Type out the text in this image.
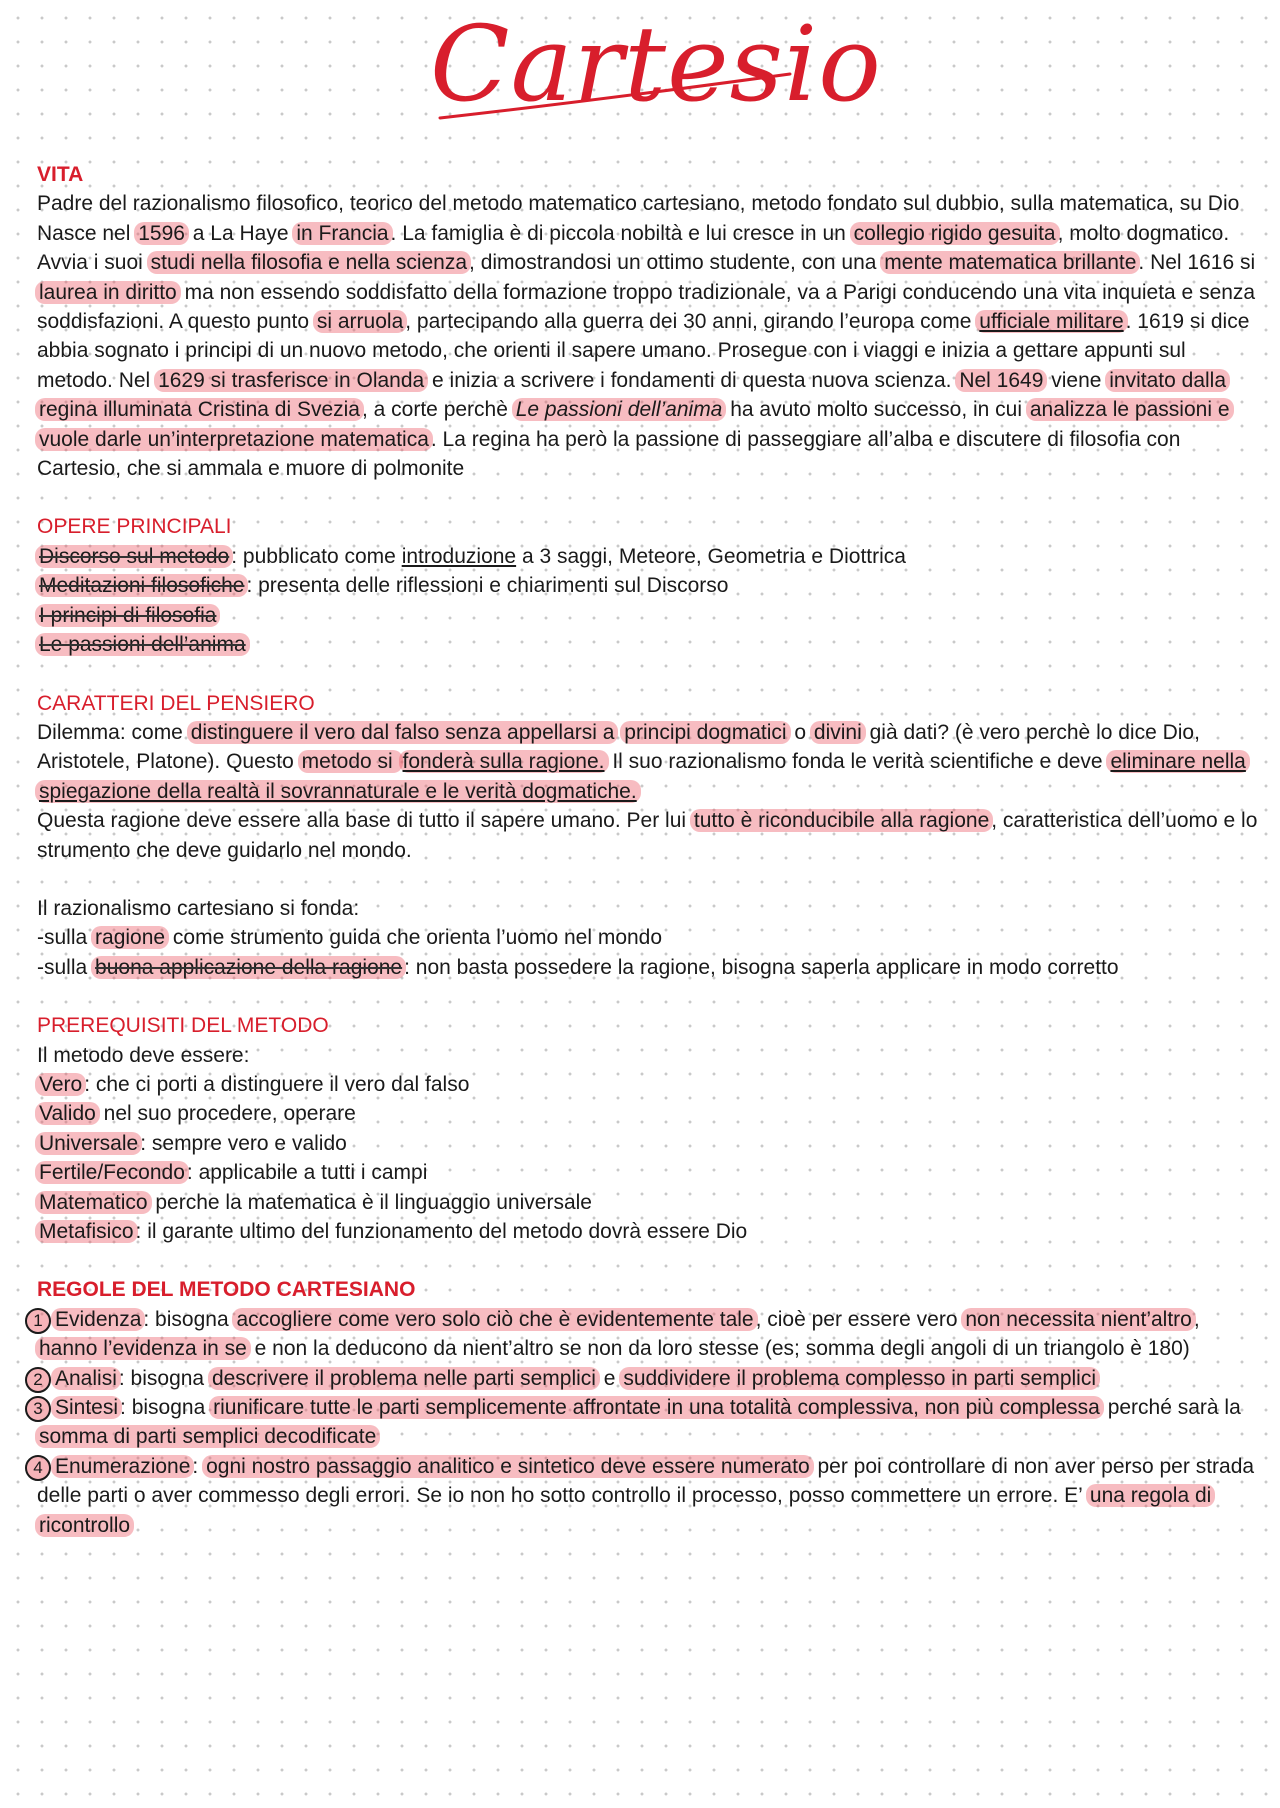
Cartesio
VITA
Padre del razionalismo filosofico, teorico del metodo matematico cartesiano, metodo fondato sul dubbio, sulla matematica, su Dio
Nasce nel 1596 a La Haye in Francia. La famiglia è di piccola nobiltà e lui cresce in un collegio rigido gesuita, molto dogmatico. Avvia i suoi studi nella filosofia e nella scienza, dimostrandosi un ottimo studente, con una mente matematica brillante. Nel 1616 si laurea in diritto ma non essendo soddisfatto della formazione troppo tradizionale, va a Parigi conducendo una vita inquieta e senza soddisfazioni. A questo punto si arruola, partecipando alla guerra dei 30 anni, girando l’europa come ufficiale militare. 1619 si dice abbia sognato i principi di un nuovo metodo, che orienti il sapere umano. Prosegue con i viaggi e inizia a gettare appunti sul metodo. Nel 1629 si trasferisce in Olanda e inizia a scrivere i fondamenti di questa nuova scienza. Nel 1649 viene invitato dalla regina illuminata Cristina di Svezia, a corte perchè Le passioni dell’anima ha avuto molto successo, in cui analizza le passioni e vuole darle un’interpretazione matematica. La regina ha però la passione di passeggiare all’alba e discutere di filosofia con Cartesio, che si ammala e muore di polmonite
OPERE PRINCIPALI
Discorso sul metodo: pubblicato come introduzione a 3 saggi, Meteore, Geometria e Diottrica
Meditazioni filosofiche: presenta delle riflessioni e chiarimenti sul Discorso
I principi di filosofia
Le passioni dell’anima
CARATTERI DEL PENSIERO
Dilemma: come distinguere il vero dal falso senza appellarsi a principi dogmatici o divini già dati? (è vero perchè lo dice Dio, Aristotele, Platone). Questo metodo si fonderà sulla ragione. Il suo razionalismo fonda le verità scientifiche e deve eliminare nella spiegazione della realtà il sovrannaturale e le verità dogmatiche.
Questa ragione deve essere alla base di tutto il sapere umano. Per lui tutto è riconducibile alla ragione, caratteristica dell’uomo e lo strumento che deve guidarlo nel mondo.
Il razionalismo cartesiano si fonda:
-sulla ragione come strumento guida che orienta l’uomo nel mondo
-sulla buona applicazione della ragione: non basta possedere la ragione, bisogna saperla applicare in modo corretto
PREREQUISITI DEL METODO
Il metodo deve essere:
Vero: che ci porti a distinguere il vero dal falso
Valido nel suo procedere, operare
Universale: sempre vero e valido
Fertile/Fecondo: applicabile a tutti i campi
Matematico perche la matematica è il linguaggio universale
Metafisico: il garante ultimo del funzionamento del metodo dovrà essere Dio
REGOLE DEL METODO CARTESIANO
1 Evidenza: bisogna accogliere come vero solo ciò che è evidentemente tale, cioè per essere vero non necessita nient’altro, hanno l’evidenza in se e non la deducono da nient’altro se non da loro stesse (es; somma degli angoli di un triangolo è 180)
2 Analisi: bisogna descrivere il problema nelle parti semplici e suddividere il problema complesso in parti semplici
3 Sintesi: bisogna riunificare tutte le parti semplicemente affrontate in una totalità complessiva, non più complessa perché sarà la somma di parti semplici decodificate
4 Enumerazione: ogni nostro passaggio analitico e sintetico deve essere numerato per poi controllare di non aver perso per strada delle parti o aver commesso degli errori. Se io non ho sotto controllo il processo, posso commettere un errore. E’ una regola di ricontrollo
